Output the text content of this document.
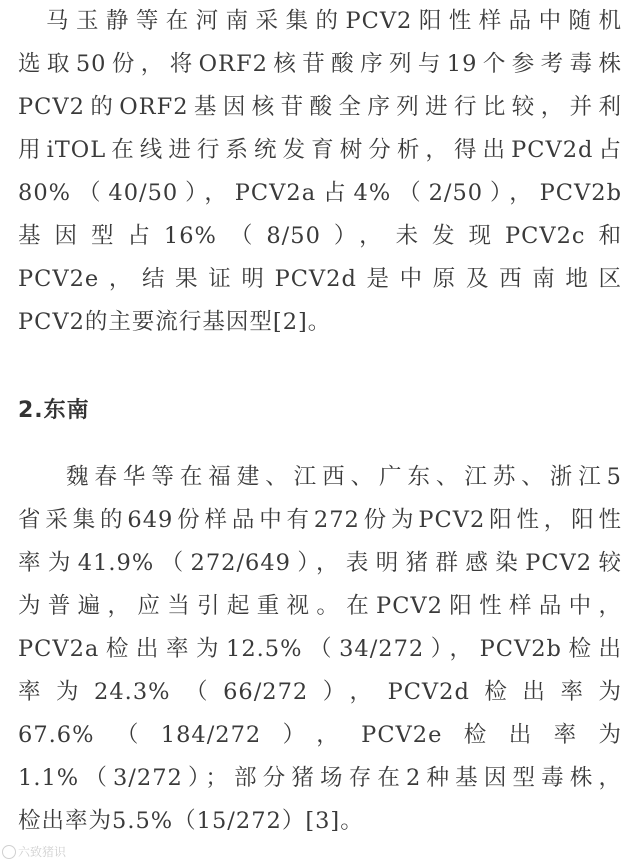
马玉静等在河南采集的PCV2阳性样品中随机
选取50份，将ORF2核苷酸序列与19个参考毒株
PCV2的ORF2基因核苷酸全序列进行比较，并利
用iTOL在线进行系统发育树分析，得出PCV2d占
80%（40/50），PCV2a占4%（2/50），PCV2b
基因型占16%（8/50），未发现PCV2c和
PCV2e，结果证明PCV2d是中原及西南地区
PCV2的主要流行基因型[2]。
2.东南
魏春华等在福建、江西、广东、江苏、浙江5
省采集的649份样品中有272份为PCV2阳性，阳性
率为41.9%（272/649），表明猪群感染PCV2较
为普遍，应当引起重视。在PCV2阳性样品中，
PCV2a检出率为12.5%（34/272），PCV2b检出
率为24.3%（66/272），PCV2d检出率为
67.6%（184/272），PCV2e检出率为
1.1%（3/272）；部分猪场存在2种基因型毒株，
检出率为5.5%（15/272）[3]。
六致猪识
